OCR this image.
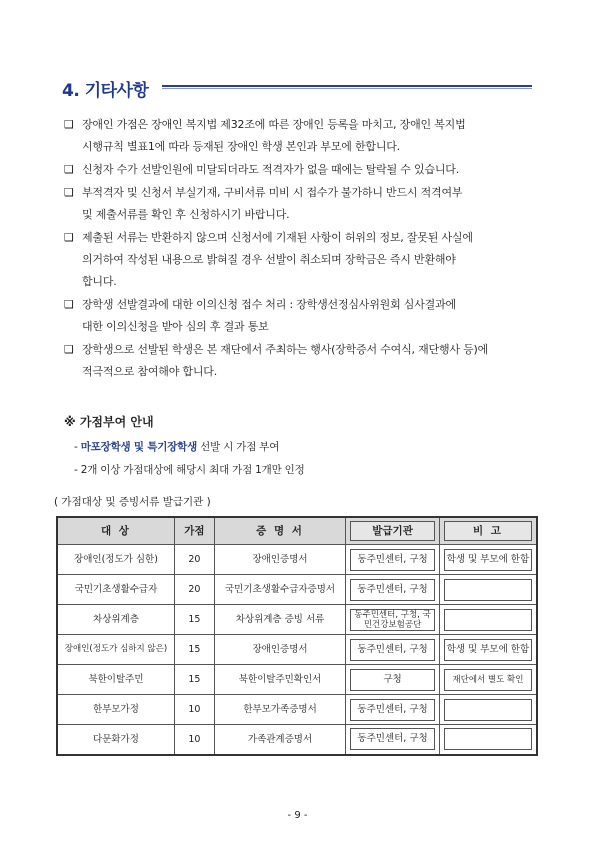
4. 기타사항
❑ 장애인 가점은 장애인 복지법 제32조에 따른 장애인 등록을 마치고, 장애인 복지법
시행규칙 별표1에 따라 등재된 장애인 학생 본인과 부모에 한합니다.
❑ 신청자 수가 선발인원에 미달되더라도 적격자가 없을 때에는 탈락될 수 있습니다.
❑ 부적격자 및 신청서 부실기재, 구비서류 미비 시 접수가 불가하니 반드시 적격여부
및 제출서류를 확인 후 신청하시기 바랍니다.
❑ 제출된 서류는 반환하지 않으며 신청서에 기재된 사항이 허위의 정보, 잘못된 사실에
의거하여 작성된 내용으로 밝혀질 경우 선발이 취소되며 장학금은 즉시 반환해야
합니다.
❑ 장학생 선발결과에 대한 이의신청 접수 처리 : 장학생선정심사위원회 심사결과에
대한 이의신청을 받아 심의 후 결과 통보
❑ 장학생으로 선발된 학생은 본 재단에서 주최하는 행사(장학증서 수여식, 재단행사 등)에
적극적으로 참여해야 합니다.
※ 가점부여 안내
- 마포장학생 및 특기장학생 선발 시 가점 부여
- 2개 이상 가점대상에 해당시 최대 가점 1개만 인정
( 가점대상 및 증빙서류 발급기관 )
대 상	가점	증 명 서	발급기관	비 고

장애인(정도가 심한)	20	장애인증명서	동주민센터, 구청	학생 및 부모에 한함

국민기초생활수급자	20	국민기초생활수급자증명서	동주민센터, 구청	

차상위계층	15	차상위계층 증빙 서류	동주민센터, 구청, 국민건강보험공단	

장애인(정도가 심하지 않은)	15	장애인증명서	동주민센터, 구청	학생 및 부모에 한함

북한이탈주민	15	북한이탈주민확인서	구청	재단에서 별도 확인

한부모가정	10	한부모가족증명서	동주민센터, 구청	

다문화가정	10	가족관계증명서	동주민센터, 구청	

- 9 -
